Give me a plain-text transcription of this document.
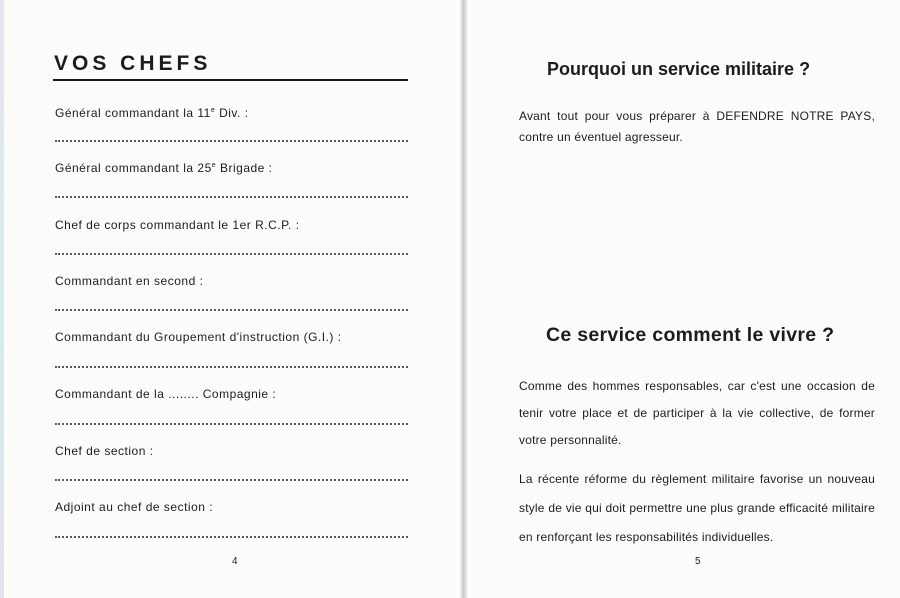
VOS CHEFS
Général commandant la 11e Div. :
Général commandant la 25e Brigade :
Chef de corps commandant le 1er R.C.P. :
Commandant en second :
Commandant du Groupement d'instruction (G.I.) :
Commandant de la ........ Compagnie :
Chef de section :
Adjoint au chef de section :
4
Pourquoi un service militaire ?

Avant tout pour vous préparer à DEFENDRE NOTRE PAYS, contre un éventuel agresseur.

Ce service comment le vivre ?

Comme des hommes responsables, car c'est une occasion de tenir votre place et de participer à la vie collective, de former votre personnalité.

La récente réforme du règlement militaire favorise un nouveau style de vie qui doit permettre une plus grande efficacité militaire en renforçant les responsabilités individuelles.

5
